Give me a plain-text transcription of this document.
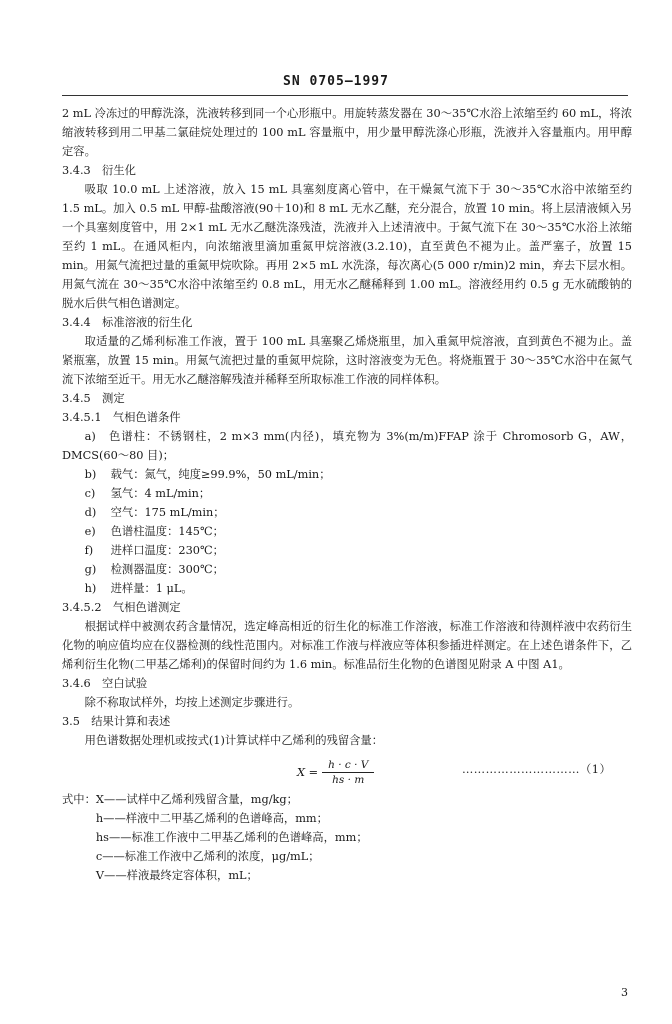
SN 0705—1997

2 mL 冷冻过的甲醇洗涤，洗液转移到同一个心形瓶中。用旋转蒸发器在 30～35℃水浴上浓缩至约 60 mL，将浓缩液转移到用二甲基二氯硅烷处理过的 100 mL 容量瓶中，用少量甲醇洗涤心形瓶，洗液并入容量瓶内。用甲醇定容。

3.4.3　衍生化

吸取 10.0 mL 上述溶液，放入 15 mL 具塞刻度离心管中，在干燥氮气流下于 30～35℃水浴中浓缩至约 1.5 mL。加入 0.5 mL 甲醇-盐酸溶液(90＋10)和 8 mL 无水乙醚，充分混合，放置 10 min。将上层清液倾入另一个具塞刻度管中，用 2×1 mL 无水乙醚洗涤残渣，洗液并入上述清液中。于氮气流下在 30～35℃水浴上浓缩至约 1 mL。在通风柜内，向浓缩液里滴加重氮甲烷溶液(3.2.10)，直至黄色不褪为止。盖严塞子，放置 15 min。用氮气流把过量的重氮甲烷吹除。再用 2×5 mL 水洗涤，每次离心(5 000 r/min)2 min，弃去下层水相。用氮气流在 30～35℃水浴中浓缩至约 0.8 mL，用无水乙醚稀释到 1.00 mL。溶液经用约 0.5 g 无水硫酸钠的脱水后供气相色谱测定。

3.4.4　标准溶液的衍生化

取适量的乙烯利标准工作液，置于 100 mL 具塞聚乙烯烧瓶里，加入重氮甲烷溶液，直到黄色不褪为止。盖紧瓶塞，放置 15 min。用氮气流把过量的重氮甲烷除，这时溶液变为无色。将烧瓶置于 30～35℃水浴中在氮气流下浓缩至近干。用无水乙醚溶解残渣并稀释至所取标准工作液的同样体积。

3.4.5　测定

3.4.5.1　气相色谱条件

a)　色谱柱：不锈钢柱，2 m×3 mm(内径)，填充物为 3%(m/m)FFAP 涂于 Chromosorb G，AW，DMCS(60～80 目)；

b) 载气：氮气，纯度≥99.9%，50 mL/min；

c) 氢气：4 mL/min；

d) 空气：175 mL/min；

e) 色谱柱温度：145℃；

f) 进样口温度：230℃；

g) 检测器温度：300℃；

h) 进样量：1 μL。

3.4.5.2　气相色谱测定

根据试样中被测农药含量情况，选定峰高相近的衍生化的标准工作溶液，标准工作溶液和待测样液中农药衍生化物的响应值均应在仪器检测的线性范围内。对标准工作液与样液应等体积参插进样测定。在上述色谱条件下，乙烯利衍生化物(二甲基乙烯利)的保留时间约为 1.6 min。标准品衍生化物的色谱图见附录 A 中图 A1。

3.4.6　空白试验

除不称取试样外，均按上述测定步骤进行。

3.5　结果计算和表述

用色谱数据处理机或按式(1)计算试样中乙烯利的残留含量：

$X = \frac{h \cdot c \cdot V}{hs \cdot m}$	…………………………（1）

式中：X——试样中乙烯利残留含量，mg/kg；

h——样液中二甲基乙烯利的色谱峰高，mm；

hs——标准工作液中二甲基乙烯利的色谱峰高，mm；

c——标准工作液中乙烯利的浓度，μg/mL；

V——样液最终定容体积，mL；

3
